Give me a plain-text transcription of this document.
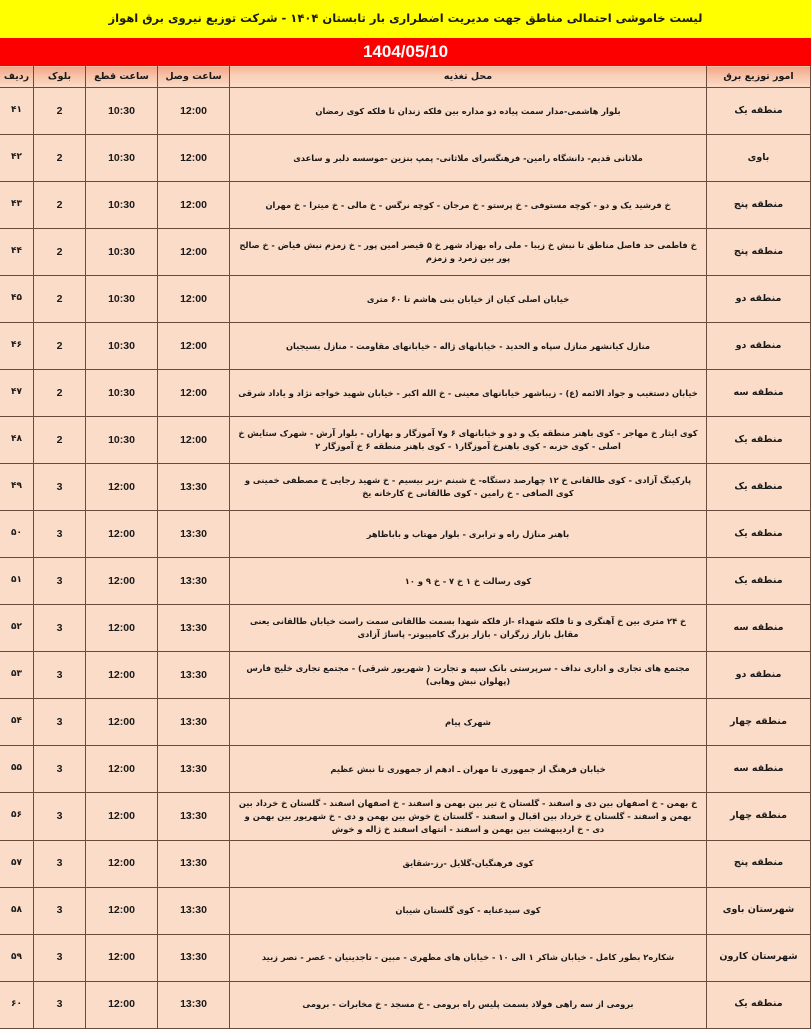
لیست خاموشی احتمالی مناطق جهت مدیریت اضطراری بار تابستان ۱۴۰۴ - شرکت توزیع نیروی برق اهواز
1404/05/10
امور توزیع برق	محل تغذیه	ساعت وصل	ساعت قطع	بلوک	ردیف
منطقه یک	بلوار هاشمی-مدار سمت پیاده دو مداره بین فلکه زندان تا فلکه کوی رمضان	12:00	10:30	2	۴۱
باوی	ملاثانی قدیم- دانشگاه رامین- فرهنگسرای ملاثانی- پمپ بنزین -موسسه دلبر و ساعدی	12:00	10:30	2	۴۲
منطقه پنج	خ فرشید یک و دو - کوچه مستوفی - خ پرستو - خ مرجان - کوچه نرگس - خ مالی - خ میترا - خ مهران	12:00	10:30	2	۴۳
منطقه پنج	خ فاطمی حد فاصل مناطق تا نبش خ زیبا - ملی راه بهزاد شهر خ ۵ قیصر امین پور - خ زمزم نبش فیاض - خ صالح پور بین زمرد و زمزم	12:00	10:30	2	۴۴
منطقه دو	خیابان اصلی کیان از خیابان بنی هاشم تا ۶۰ متری	12:00	10:30	2	۴۵
منطقه دو	منازل کیانشهر منازل سپاه و الحدید - خیابانهای ژاله - خیابانهای مقاومت - منازل بسیجیان	12:00	10:30	2	۴۶
منطقه سه	خیابان دستغیب و جواد الائمه (ع) - زیباشهر خیابانهای معینی - خ الله اکبر - خیابان شهید خواجه نژاد و یاداد شرقی	12:00	10:30	2	۴۷
منطقه یک	کوی ایثار خ مهاجر - کوی باهنر منطقه یک و دو و خیابانهای ۶ و۷ آموزگار و بهاران - بلوار آرش - شهرک ستایش خ اصلی - کوی حزبه - کوی باهنرخ آموزگار۱ - کوی باهنر منطقه ۶ خ آموزگار ۲	12:00	10:30	2	۴۸
منطقه یک	پارکینگ آزادی - کوی طالقانی خ ۱۲ چهارصد دستگاه- خ شبنم -زیر بیسیم - خ شهید رجایی خ مصطفی خمینی و کوی الصافی - خ رامین - کوی طالقانی خ کارخانه یخ	13:30	12:00	3	۴۹
منطقه یک	باهنر منازل راه و ترابری - بلوار مهتاب و باباطاهر	13:30	12:00	3	۵۰
منطقه یک	کوی رسالت خ ۱ خ ۷ - خ ۹ و ۱۰	13:30	12:00	3	۵۱
منطقه سه	خ ۲۴ متری بین خ آهنگری و تا فلکه شهداء -از فلکه شهدا بسمت طالقانی سمت راست خیابان طالقانی یعنی مقابل بازار زرگران - بازار بزرگ کامپیوتر- پاساژ آزادی	13:30	12:00	3	۵۲
منطقه دو	مجتمع های تجاری و اداری نداف - سرپرستی بانک سپه و تجارت ( شهریور شرقی) - مجتمع تجاری خلیج فارس (پهلوان نبش وهابی)	13:30	12:00	3	۵۳
منطقه چهار	شهرک پیام	13:30	12:00	3	۵۴
منطقه سه	خیابان فرهنگ از جمهوری تا مهران ـ ادهم از جمهوری تا نبش عظیم	13:30	12:00	3	۵۵
منطقه چهار	خ بهمن - خ اصفهان بین دی و اسفند - گلستان خ تیر بین بهمن و اسفند - خ اصفهان اسفند - گلستان خ خرداد بین بهمن و اسفند - گلستان خ خرداد بین اقبال و اسفند - گلستان خ خوش بین بهمن و دی - خ شهریور بین بهمن و دی - خ اردیبهشت بین بهمن و اسفند - انتهای اسفند خ ژاله و خوش	13:30	12:00	3	۵۶
منطقه پنج	کوی فرهنگیان-گلایل -رز-شقایق	13:30	12:00	3	۵۷
شهرستان باوی	کوی سیدعنایه - کوی گلستان شیبان	13:30	12:00	3	۵۸
شهرستان کارون	شکاره۲ بطور کامل - خیابان شاکر ۱ الی ۱۰ - خیابان های مطهری - مبین - تاجدینیان - عصر - نصر زبید	13:30	12:00	3	۵۹
منطقه یک	برومی از سه راهی فولاد بسمت پلیس راه برومی - خ مسجد - خ مخابرات - برومی	13:30	12:00	3	۶۰
